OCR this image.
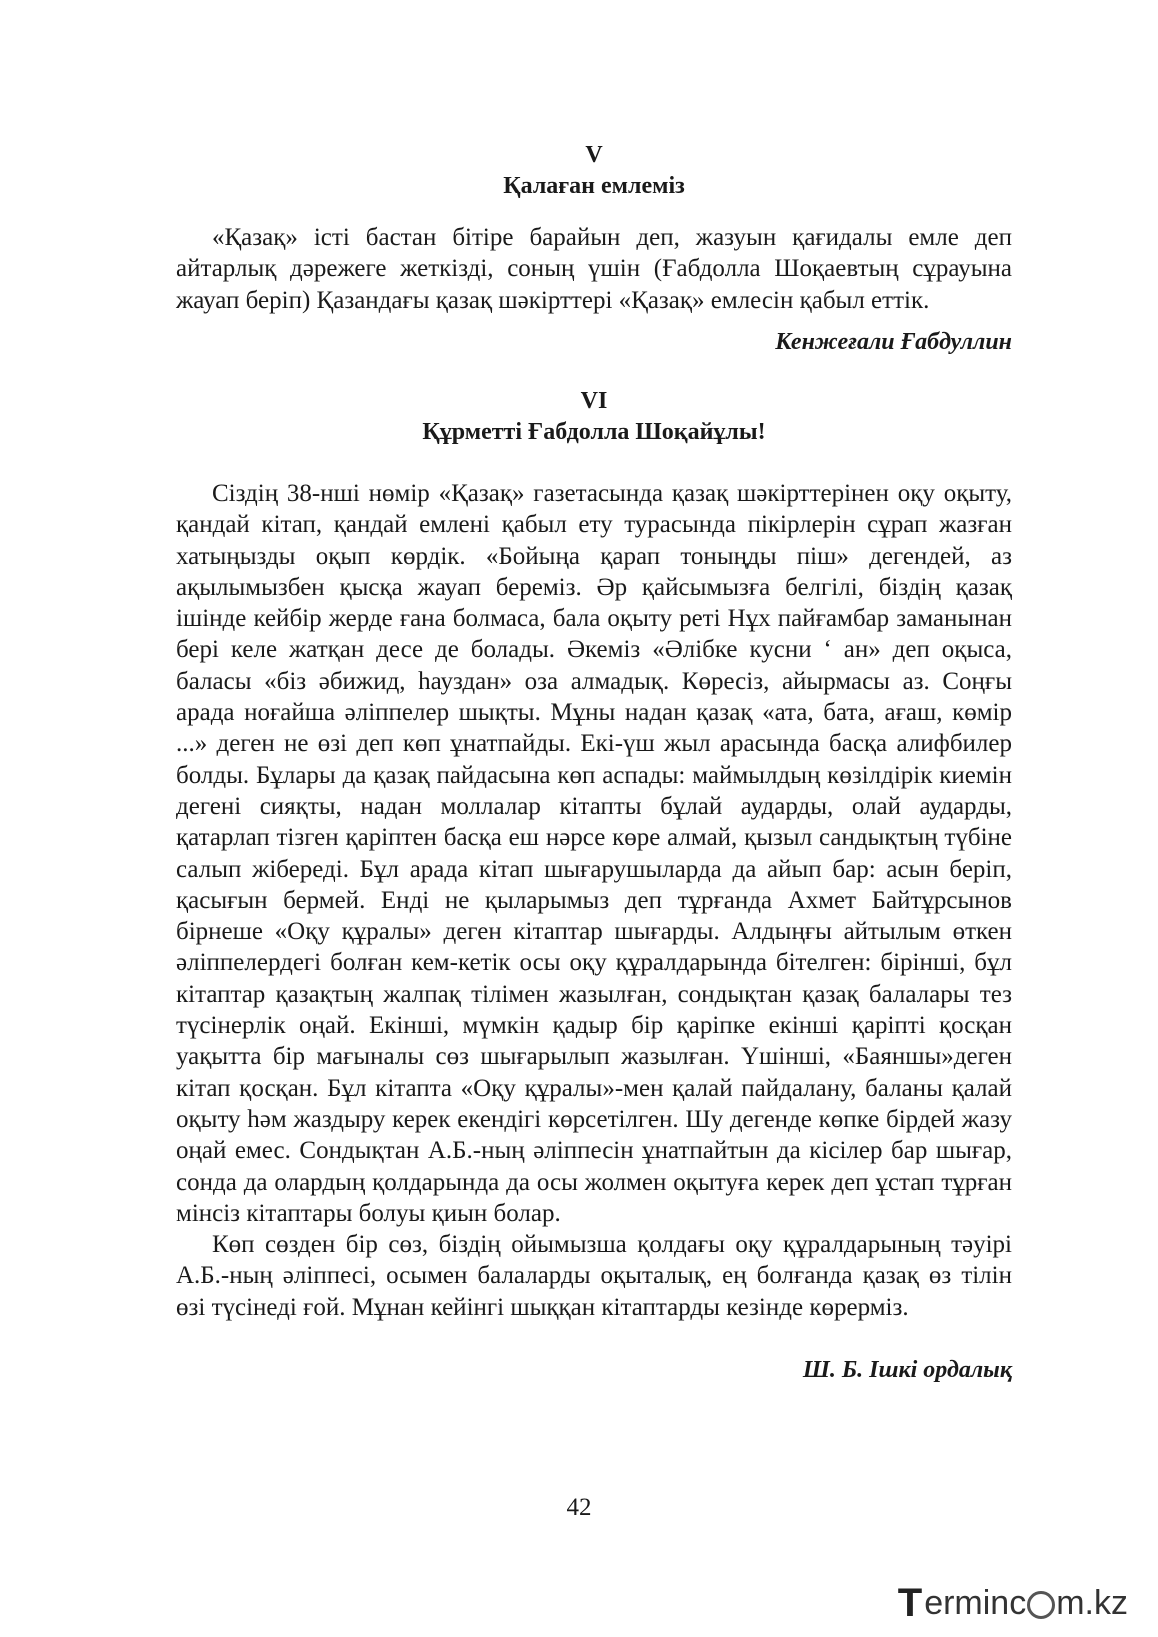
V
Қалаған емлеміз

«Қазақ» істі бастан бітіре барайын деп, жазуын қағидалы емле деп айтарлық дәрежеге жеткізді, соның үшін (Ғабдолла Шоқаевтың сұрауына жауап беріп) Қазандағы қазақ шәкірттері «Қазақ» емлесін қабыл еттік.

Кенжеғали Ғабдуллин
VI
Құрметті Ғабдолла Шоқайұлы!

Сіздің 38-нші нөмір «Қазақ» газетасында қазақ шәкірттерінен оқу оқыту, қандай кітап, қандай емлені қабыл ету турасында пікірлерін сұрап жазған хатыңызды оқып көрдік. «Бойыңа қарап тоныңды піш» дегендей, аз ақылымызбен қысқа жауап береміз. Әр қайсымызға белгілі, біздің қазақ ішінде кейбір жерде ғана болмаса, бала оқыту реті Нұх пайғамбар заманынан бері келе жатқан десе де болады. Әкеміз «Әлібке кусни ‘ ан» деп оқыса, баласы «біз әбижид, һауздан» оза алмадық. Көресіз, айырмасы аз. Соңғы арада ноғайша әліппелер шықты. Мұны надан қазақ «ата, бата, ағаш, көмір ...» деген не өзі деп көп ұнатпайды. Екі-үш жыл арасында басқа алифбилер болды. Бұлары да қазақ пайдасына көп аспады: маймылдың көзілдірік киемін дегені сияқты, надан моллалар кітапты бұлай аударды, олай аударды, қатарлап тізген қаріптен басқа еш нәрсе көре алмай, қызыл сандықтың түбіне салып жібереді. Бұл арада кітап шығарушыларда да айып бар: асын беріп, қасығын бермей. Енді не қыларымыз деп тұрғанда Ахмет Байтұрсынов бірнеше «Оқу құралы» деген кітаптар шығарды. Алдыңғы айтылым өткен әліппелердегі болған кем-кетік осы оқу құралдарында бітелген: бірінші, бұл кітаптар қазақтың жалпақ тілімен жазылған, сондықтан қазақ балалары тез түсінерлік оңай. Екінші, мүмкін қадыр бір қаріпке екінші қаріпті қосқан уақытта бір мағыналы сөз шығарылып жазылған. Үшінші, «Баяншы»деген кітап қосқан. Бұл кітапта «Оқу құралы»-мен қалай пайдалану, баланы қалай оқыту һәм жаздыру керек екендігі көрсетілген. Шу дегенде көпке бірдей жазу оңай емес. Сондықтан А.Б.-ның әліппесін ұнатпайтын да кісілер бар шығар, сонда да олардың қолдарында да осы жолмен оқытуға керек деп ұстап тұрған мінсіз кітаптары болуы қиын болар.

Көп сөзден бір сөз, біздің ойымызша қолдағы оқу құралдарының тәуірі А.Б.-ның әліппесі, осымен балаларды оқыталық, ең болғанда қазақ өз тілін өзі түсінеді ғой. Мұнан кейінгі шыққан кітаптарды кезінде көрерміз.

Ш. Б. Ішкі ордалық
42
T erminc m.kz
